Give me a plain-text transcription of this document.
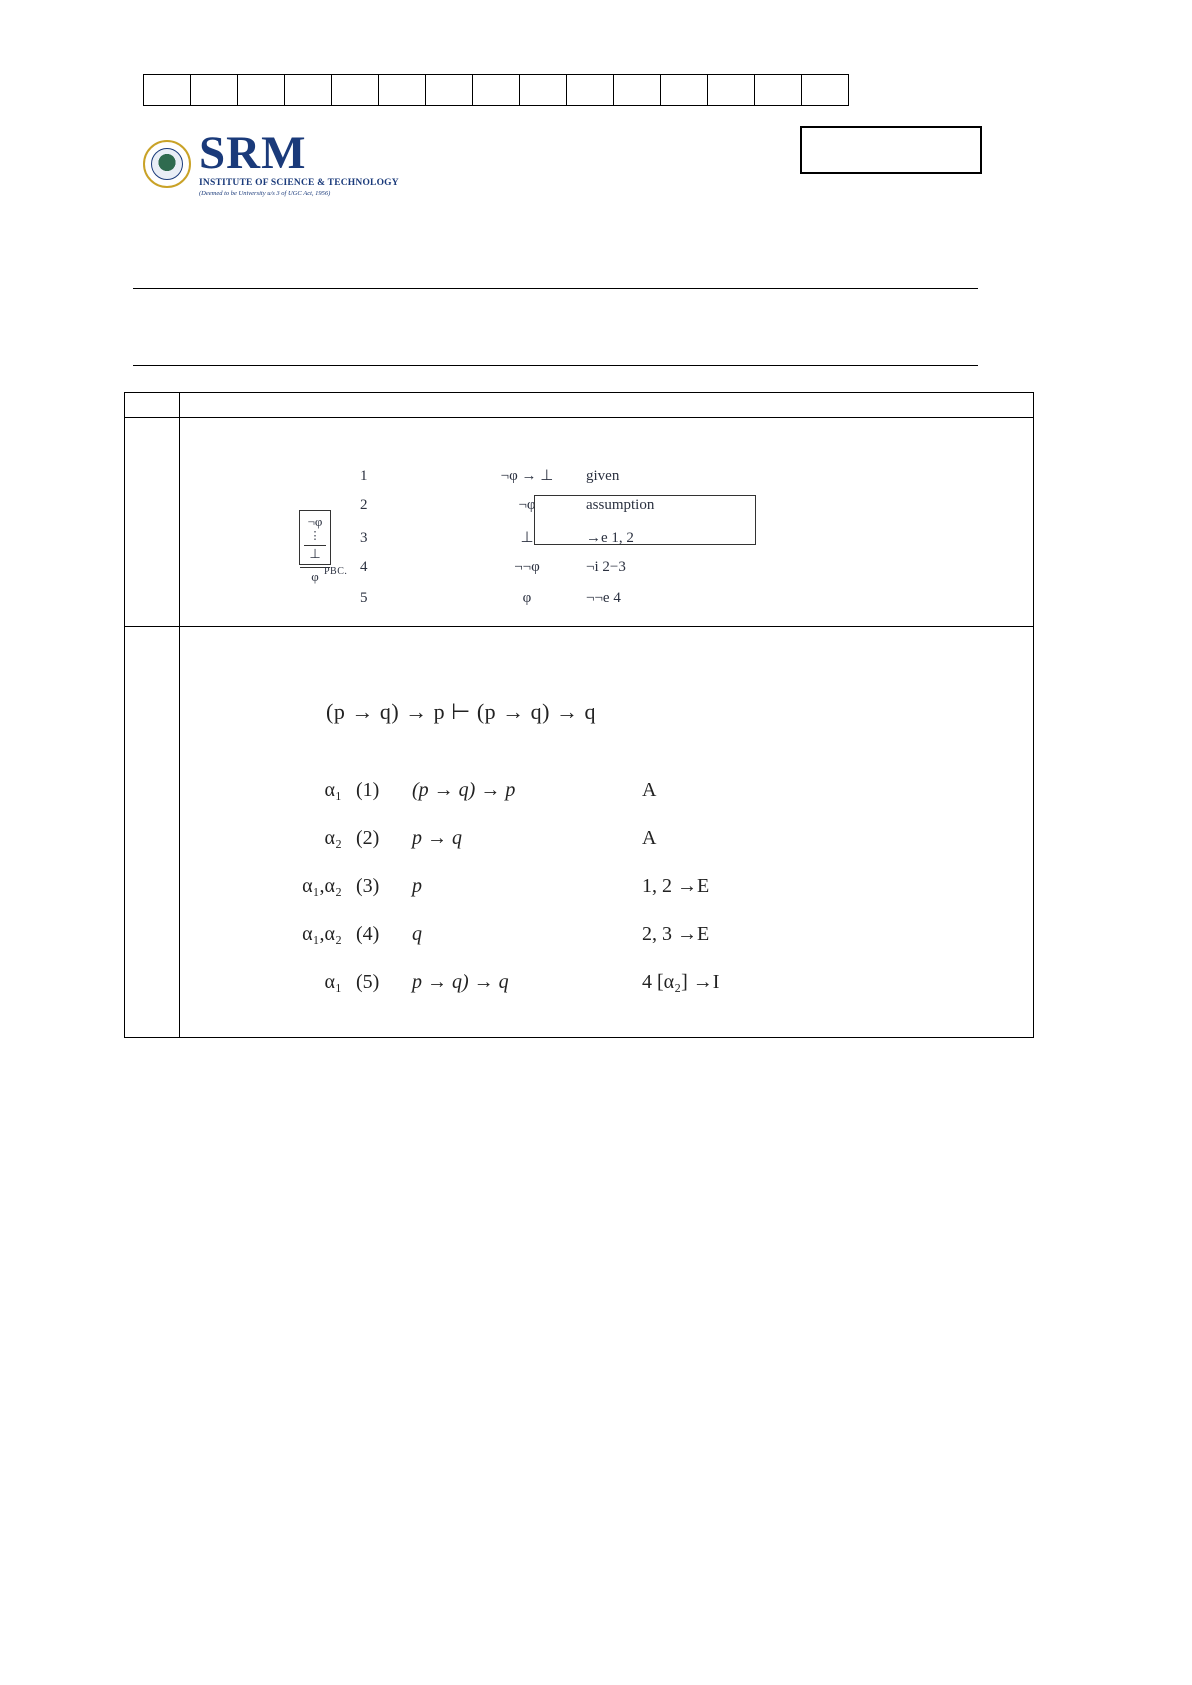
SRM
INSTITUTE OF SCIENCE & TECHNOLOGY
(Deemed to be University u/s 3 of UGC Act, 1956)

¬φ
⋮
⊥
φ PBC.
1	¬φ → ⊥	given
2	¬φ	assumption
3	⊥	→e 1, 2
4	¬¬φ	¬i 2−3
5	φ	¬¬e 4

(p → q) → p ⊢ (p → q) → q
α₁ (1)	(p → q) → p	A
α₂ (2)	p → q	A
α₁,α₂ (3)	p	1, 2 →E
α₁,α₂ (4)	q	2, 3 →E
α₁ (5)	p → q) → q	4 [α₂] →I
